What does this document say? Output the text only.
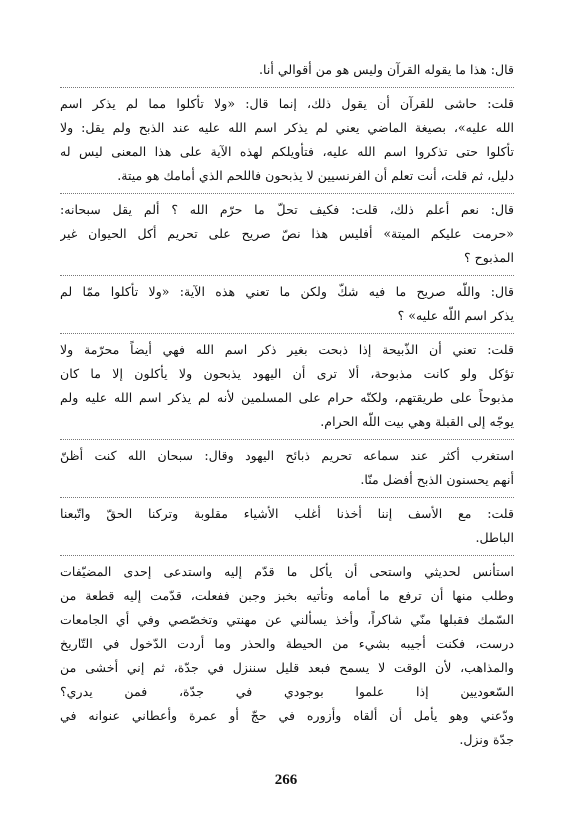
قال: هذا ما يقوله القرآن وليس هو من أقوالي أنا.

قلت: حاشى للقرآن أن يقول ذلك، إنما قال: «ولا تأكلوا مما لم يذكر اسم
الله عليه»، بصيغة الماضي يعني لم يذكر اسم الله عليه عند الذبح ولم يقل: ولا
تأكلوا حتى تذكروا اسم الله عليه، فتأويلكم لهذه الآية على هذا المعنى ليس له
دليل، ثم قلت، أنت تعلم أن الفرنسيين لا يذبحون فاللحم الذي أمامك هو ميتة.

قال: نعم أعلم ذلك، قلت: فكيف تحلّ ما حرّم الله ؟ ألم يقل سبحانه:
«حرمت عليكم الميتة» أفليس هذا نصّ صريح على تحريم أكل الحيوان غير
المذبوح ؟

قال: واللّه صريح ما فيه شكّ ولكن ما تعني هذه الآية: «ولا تأكلوا ممّا لم
يذكر اسم اللّه عليه» ؟

قلت: تعني أن الذّبيحة إذا ذبحت بغير ذكر اسم الله فهي أيضاً محرّمة ولا
تؤكل ولو كانت مذبوحة، ألا ترى أن اليهود يذبحون ولا يأكلون إلا ما كان
مذبوحاً على طريقتهم، ولكنّه حرام على المسلمين لأنه لم يذكر اسم الله عليه ولم
يوجّه إلى القبلة وهي بيت اللّه الحرام.

استغرب أكثر عند سماعه تحريم ذبائح اليهود وقال: سبحان الله كنت أظنّ
أنهم يحسنون الذبح أفضل منّا.

قلت: مع الأسف إننا أخذنا أغلب الأشياء مقلوبة وتركنا الحقّ واتّبعنا
الباطل.

استأنس لحديثي واستحى أن يأكل ما قدّم إليه واستدعى إحدى المضيّفات
وطلب منها أن ترفع ما أمامه وتأتيه بخبز وجبن ففعلت، قدّمت إليه قطعة من
السّمك فقبلها منّي شاكراً، وأخذ يسألني عن مهنتي وتخصّصي وفي أي الجامعات
درست، فكنت أجيبه بشيء من الحيطة والحذر وما أردت الدّخول في التّاريخ
والمذاهب، لأن الوقت لا يسمح فبعد قليل سننزل في جدّة، ثم إني أخشى من
السّعوديين إذا علموا بوجودي في جدّة، فمن يدري؟
ودّعني وهو يأمل أن ألقاه وأزوره في حجّ أو عمرة وأعطاني عنوانه في
جدّة ونزل.

266
